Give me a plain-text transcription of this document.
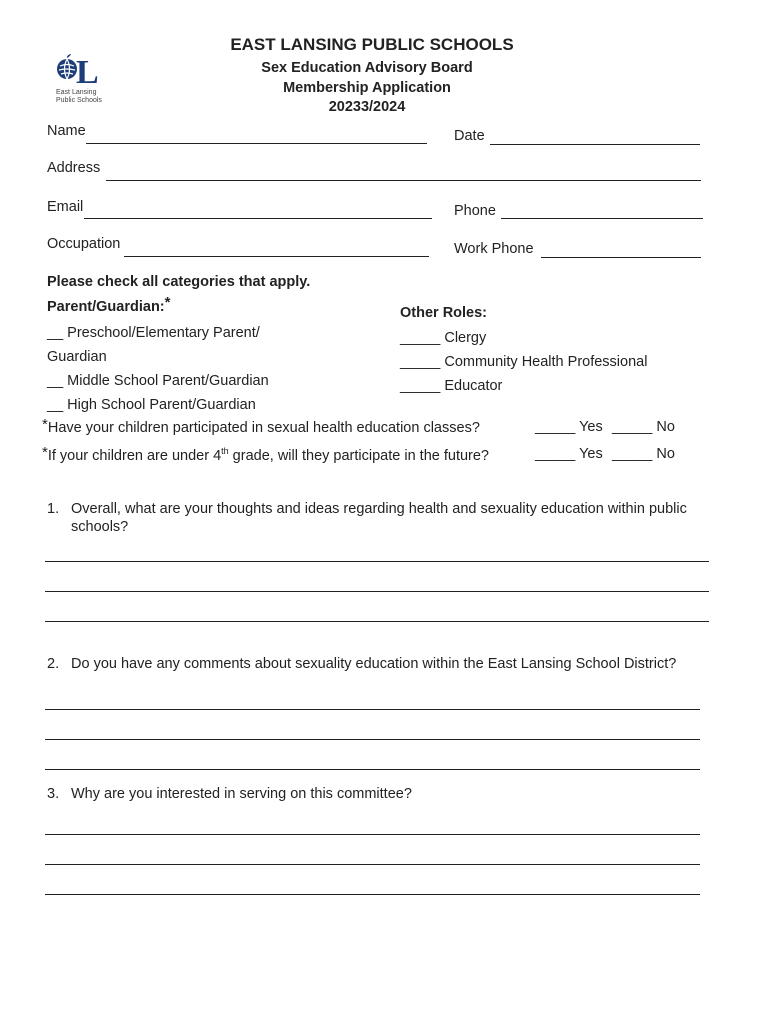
L
East Lansing
Public Schools
EAST LANSING PUBLIC SCHOOLS
Sex Education Advisory Board
Membership Application
20233/2024
Name	Date
Address
Email	Phone
Occupation	Work Phone
Please check all categories that apply.
Parent/Guardian:*
__ Preschool/Elementary Parent/
Guardian
__ Middle School Parent/Guardian
__ High School Parent/Guardian
Other Roles:
_____ Clergy
_____ Community Health Professional
_____ Educator
*Have your children participated in sexual health education classes?	_____ Yes _____ No
*If your children are under 4th grade, will they participate in the future?	_____ Yes _____ No
1. Overall, what are your thoughts and ideas regarding health and sexuality education within public
schools?
2. Do you have any comments about sexuality education within the East Lansing School District?
3. Why are you interested in serving on this committee?
